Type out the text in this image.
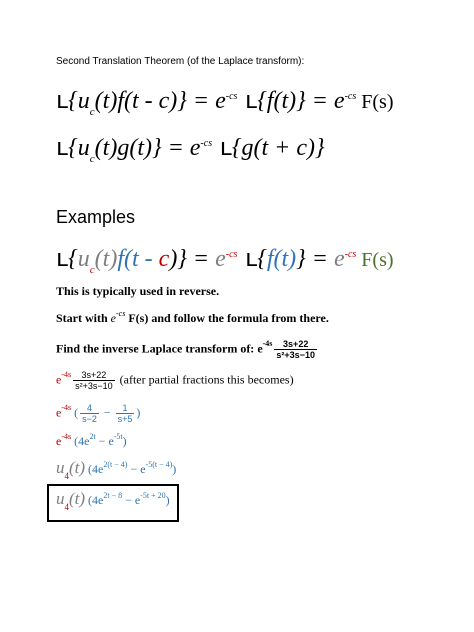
Second Translation Theorem (of the Laplace transform):
$ʟ\{u_c(t)f(t - c)\} = e^{-cs}$ ʟ{f(t)} = $e^{-cs}$ F(s)
$ʟ\{u_c(t)g(t)\} = e^{-cs}$ ʟ{g(t + c)}
Examples
$ʟ\{u_c(t)f(t - c)\} = e^{-cs}$ ʟ{f(t)} = $e^{-cs}$ F(s)
This is typically used in reverse.
Start with $e^{-cs}$ F(s) and follow the formula from there.
Find the inverse Laplace transform of: $e^{-4s} \frac{3s+22}{\text{s²+3s−10}}$
$e^{-4s} \frac{3s+22}{\text{s²+3s−10}}$ (after partial fractions this becomes)
$e^{-4s}$ ( $\frac{4}{s-2} - \frac{1}{s+5}$ )
$e^{-4s}$ $(4e^{2t} - e^{-5t})$
$u_4(t) (4e^{2(t - 4)} - e^{-5(t - 4)})$
$u_4(t) (4e^{2t - 8} - e^{-5t + 20})$
